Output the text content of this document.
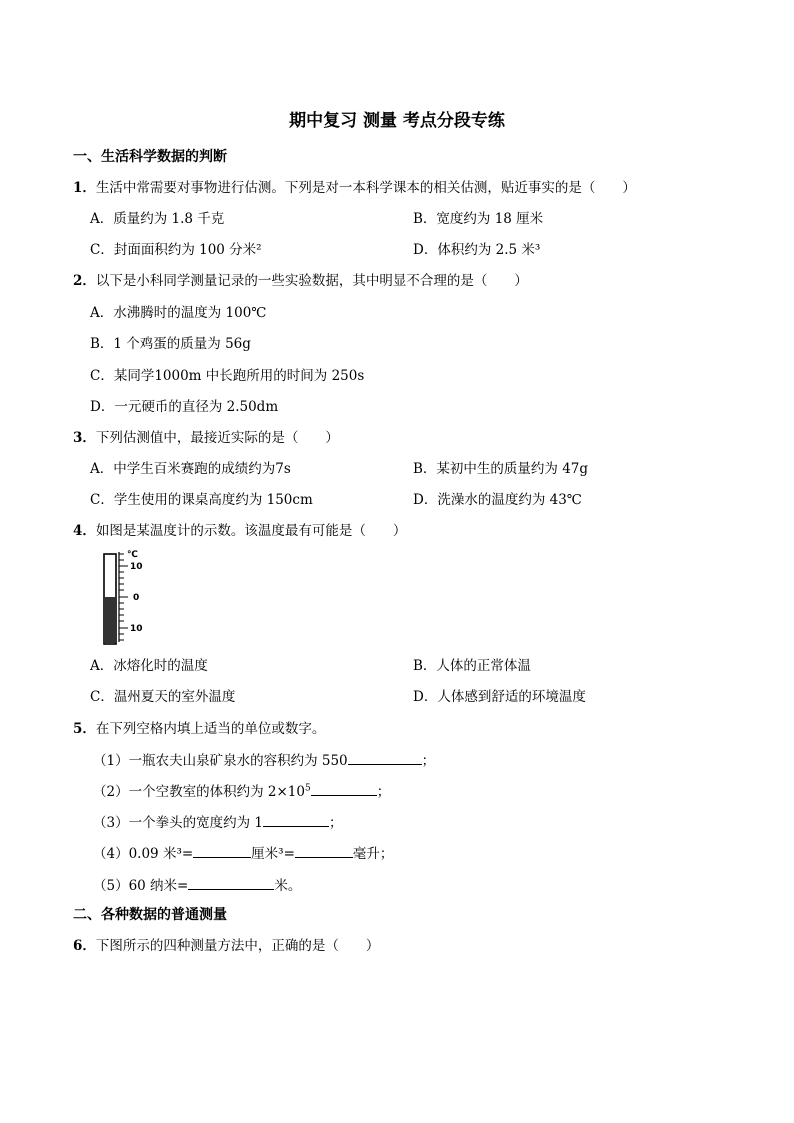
期中复习 测量 考点分段专练
一、生活科学数据的判断
1．生活中常需要对事物进行估测。下列是对一本科学课本的相关估测，贴近事实的是（　　）
A．质量约为 1.8 千克	B．宽度约为 18 厘米
C．封面面积约为 100 分米²	D．体积约为 2.5 米³
2．以下是小科同学测量记录的一些实验数据，其中明显不合理的是（　　）
A．水沸腾时的温度为 100℃
B．1 个鸡蛋的质量为 56g
C．某同学1000m 中长跑所用的时间为 250s
D．一元硬币的直径为 2.50dm
3．下列估测值中，最接近实际的是（　　）
A．中学生百米赛跑的成绩约为7s	B．某初中生的质量约为 47g
C．学生使用的课桌高度约为 150cm	D．洗澡水的温度约为 43℃
4．如图是某温度计的示数。该温度最有可能是（　　）
℃
10
0
10
A．冰熔化时的温度	B．人体的正常体温
C．温州夏天的室外温度	D．人体感到舒适的环境温度
5．在下列空格内填上适当的单位或数字。
（1）一瓶农夫山泉矿泉水的容积约为 550	；
（2）一个空教室的体积约为 $2\times 10^5$	；
（3）一个拳头的宽度约为 1	；
（4）0.09 米³=	厘米³=	毫升；
（5）60 纳米=	米。
二、各种数据的普通测量
6．下图所示的四种测量方法中，正确的是（　　）
